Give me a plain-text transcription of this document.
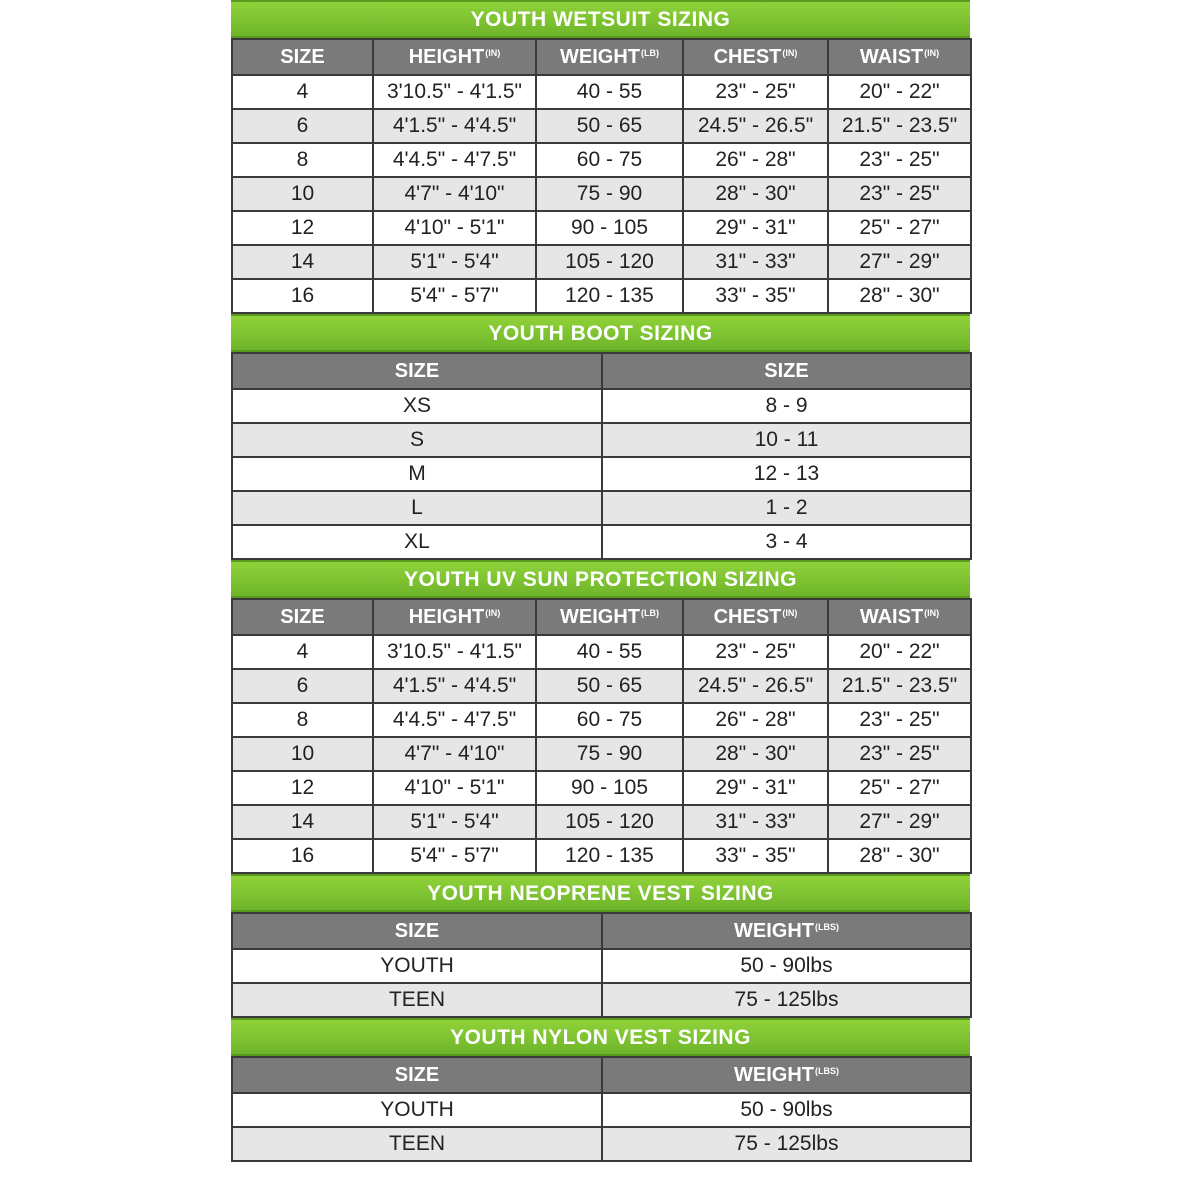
YOUTH WETSUIT SIZING
SIZE	$HEIGHT^{(IN)}$	$WEIGHT^{(LB)}$	$CHEST^{(IN)}$	$WAIST^{(IN)}$
4	3'10.5" - 4'1.5"	40 - 55	23" - 25"	20" - 22"
6	4'1.5" - 4'4.5"	50 - 65	24.5" - 26.5"	21.5" - 23.5"
8	4'4.5" - 4'7.5"	60 - 75	26" - 28"	23" - 25"
10	4'7" - 4'10"	75 - 90	28" - 30"	23" - 25"
12	4'10" - 5'1"	90 - 105	29" - 31"	25" - 27"
14	5'1" - 5'4"	105 - 120	31" - 33"	27" - 29"
16	5'4" - 5'7"	120 - 135	33" - 35"	28" - 30"
YOUTH BOOT SIZING
SIZE	SIZE
XS	8 - 9
S	10 - 11
M	12 - 13
L	1 - 2
XL	3 - 4
YOUTH UV SUN PROTECTION SIZING
SIZE	$HEIGHT^{(IN)}$	$WEIGHT^{(LB)}$	$CHEST^{(IN)}$	$WAIST^{(IN)}$
4	3'10.5" - 4'1.5"	40 - 55	23" - 25"	20" - 22"
6	4'1.5" - 4'4.5"	50 - 65	24.5" - 26.5"	21.5" - 23.5"
8	4'4.5" - 4'7.5"	60 - 75	26" - 28"	23" - 25"
10	4'7" - 4'10"	75 - 90	28" - 30"	23" - 25"
12	4'10" - 5'1"	90 - 105	29" - 31"	25" - 27"
14	5'1" - 5'4"	105 - 120	31" - 33"	27" - 29"
16	5'4" - 5'7"	120 - 135	33" - 35"	28" - 30"
YOUTH NEOPRENE VEST SIZING
SIZE	$WEIGHT^{(LBS)}$
YOUTH	50 - 90lbs
TEEN	75 - 125lbs
YOUTH NYLON VEST SIZING
SIZE	$WEIGHT^{(LBS)}$
YOUTH	50 - 90lbs
TEEN	75 - 125lbs
